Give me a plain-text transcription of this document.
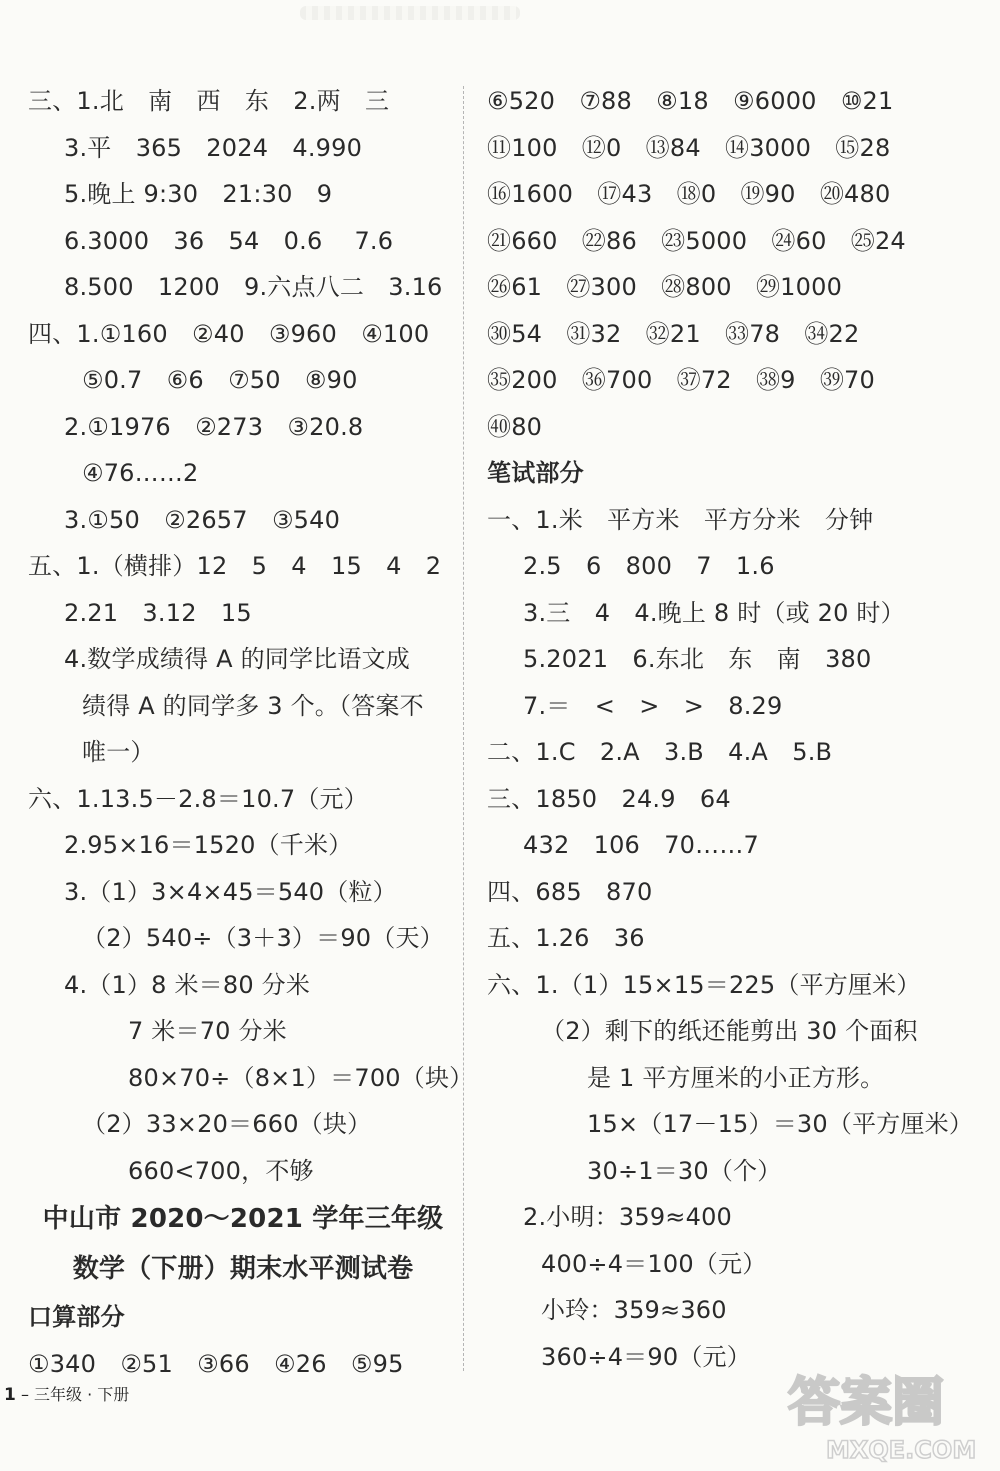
三、1.北　南　西　东　2.两　三
3.平　365　2024　4.990
5.晚上 9:30　21:30　9
6.3000　36　54　0.6　 7.6
8.500　1200　9.六点八二　3.16
四、1.①160　②40　③960　④100
⑤0.7　⑥6　⑦50　⑧90
2.①1976　②273　③20.8
④76……2
3.①50　②2657　③540
五、1.（横排）12　5　4　15　4　2
2.21　3.12　15
4.数学成绩得 A 的同学比语文成
绩得 A 的同学多 3 个。（答案不
唯一）
六、1.13.5－2.8＝10.7（元）
2.95×16＝1520（千米）
3.（1）3×4×45＝540（粒）
（2）540÷（3＋3）＝90（天）
4.（1）8 米＝80 分米
7 米＝70 分米
80×70÷（8×1）＝700（块）
（2）33×20＝660（块）
660<700，不够
中山市 2020～2021 学年三年级
数学（下册）期末水平测试卷
口算部分
①340　②51　③66　④26　⑤95
⑥520　⑦88　⑧18　⑨6000　⑩21
⑪100　⑫0　⑬84　⑭3000　⑮28
⑯1600　⑰43　⑱0　⑲90　⑳480
㉑660　㉒86　㉓5000　㉔60　㉕24
㉖61　㉗300　㉘800　㉙1000
㉚54　㉛32　㉜21　㉝78　㉞22
㉟200　㊱700　㊲72　㊳9　㊴70
㊵80
笔试部分
一、1.米　平方米　平方分米　分钟
2.5　6　800　7　1.6
3.三　4　4.晚上 8 时（或 20 时）
5.2021　6.东北　东　南　380
7.＝　<　>　>　8.29
二、1.C　2.A　3.B　4.A　5.B
三、1850　24.9　64
432　106　70……7
四、685　870
五、1.26　36
六、1.（1）15×15＝225（平方厘米）
（2）剩下的纸还能剪出 30 个面积
是 1 平方厘米的小正方形。
15×（17－15）＝30（平方厘米）
30÷1＝30（个）
2.小明：359≈400
400÷4＝100（元）
小玲：359≈360
360÷4＝90（元）
1 – 三年级 · 下册	答案圈
MXQE.COM
